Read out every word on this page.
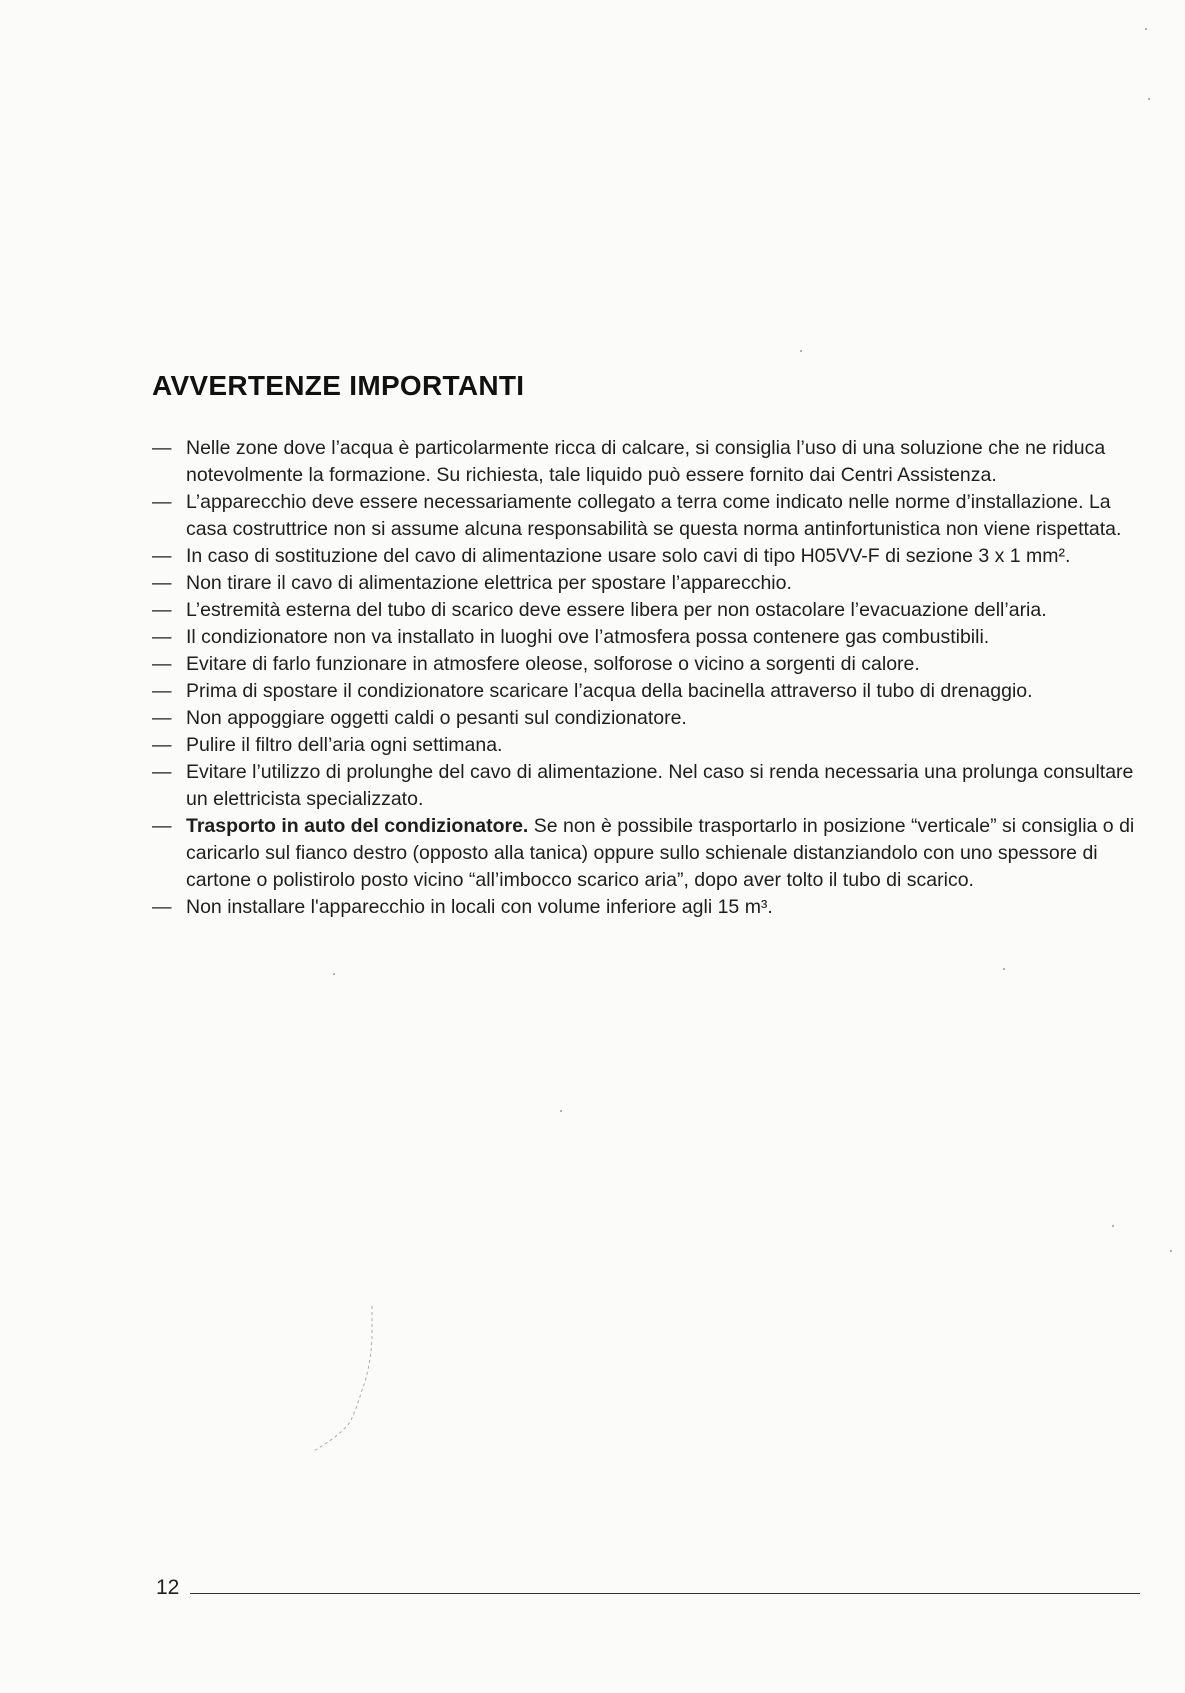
AVVERTENZE IMPORTANTI
— Nelle zone dove l’acqua è particolarmente ricca di calcare, si consiglia l’uso di una soluzione che ne riduca notevolmente la formazione. Su richiesta, tale liquido può essere fornito dai Centri Assistenza.
— L’apparecchio deve essere necessariamente collegato a terra come indicato nelle norme d’installazione. La casa costruttrice non si assume alcuna responsabilità se questa norma antinfortunistica non viene rispettata.
— In caso di sostituzione del cavo di alimentazione usare solo cavi di tipo H05VV-F di sezione 3 x 1 mm².
— Non tirare il cavo di alimentazione elettrica per spostare l’apparecchio.
— L’estremità esterna del tubo di scarico deve essere libera per non ostacolare l’evacuazione dell’aria.
— Il condizionatore non va installato in luoghi ove l’atmosfera possa contenere gas combustibili.
— Evitare di farlo funzionare in atmosfere oleose, solforose o vicino a sorgenti di calore.
— Prima di spostare il condizionatore scaricare l’acqua della bacinella attraverso il tubo di drenaggio.
— Non appoggiare oggetti caldi o pesanti sul condizionatore.
— Pulire il filtro dell’aria ogni settimana.
— Evitare l’utilizzo di prolunghe del cavo di alimentazione. Nel caso si renda necessaria una prolunga consultare un elettricista specializzato.
— Trasporto in auto del condizionatore. Se non è possibile trasportarlo in posizione “verticale” si consiglia o di caricarlo sul fianco destro (opposto alla tanica) oppure sullo schienale distanziandolo con uno spessore di cartone o polistirolo posto vicino “all’imbocco scarico aria”, dopo aver tolto il tubo di scarico.
— Non installare l'apparecchio in locali con volume inferiore agli 15 m³.
12
